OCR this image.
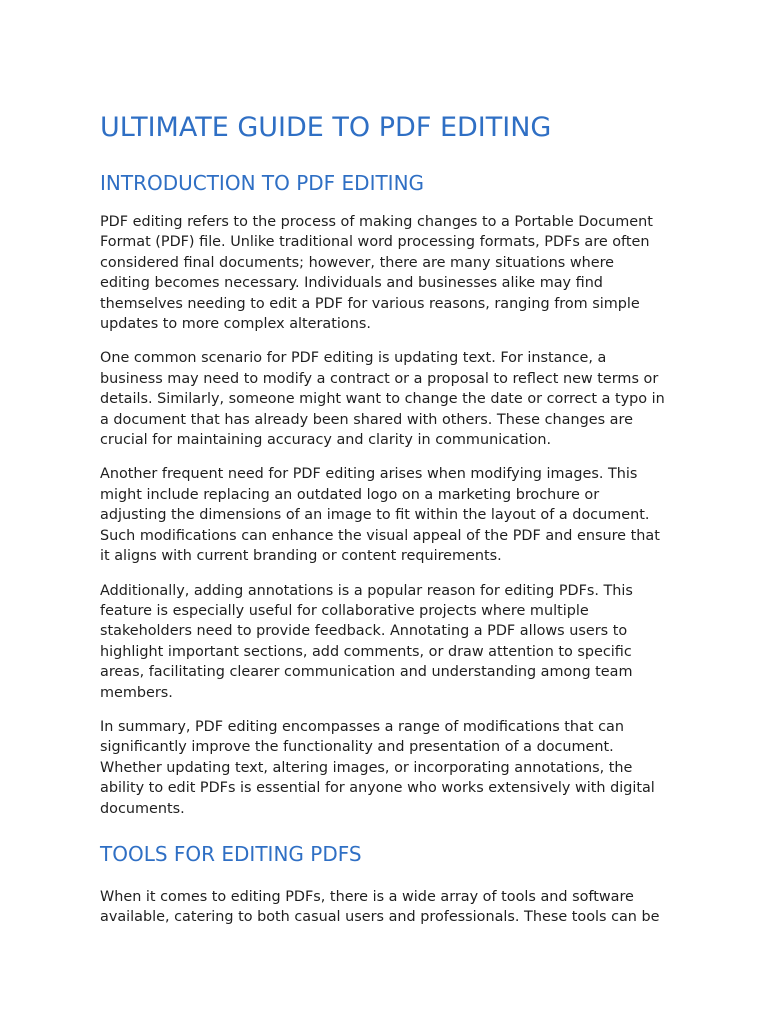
ULTIMATE GUIDE TO PDF EDITING
INTRODUCTION TO PDF EDITING

PDF editing refers to the process of making changes to a Portable Document Format (PDF) file. Unlike traditional word processing formats, PDFs are often considered final documents; however, there are many situations where editing becomes necessary. Individuals and businesses alike may find themselves needing to edit a PDF for various reasons, ranging from simple updates to more complex alterations.

One common scenario for PDF editing is updating text. For instance, a business may need to modify a contract or a proposal to reflect new terms or details. Similarly, someone might want to change the date or correct a typo in a document that has already been shared with others. These changes are crucial for maintaining accuracy and clarity in communication.

Another frequent need for PDF editing arises when modifying images. This might include replacing an outdated logo on a marketing brochure or adjusting the dimensions of an image to fit within the layout of a document. Such modifications can enhance the visual appeal of the PDF and ensure that it aligns with current branding or content requirements.

Additionally, adding annotations is a popular reason for editing PDFs. This feature is especially useful for collaborative projects where multiple stakeholders need to provide feedback. Annotating a PDF allows users to highlight important sections, add comments, or draw attention to specific areas, facilitating clearer communication and understanding among team members.

In summary, PDF editing encompasses a range of modifications that can significantly improve the functionality and presentation of a document. Whether updating text, altering images, or incorporating annotations, the ability to edit PDFs is essential for anyone who works extensively with digital documents.

TOOLS FOR EDITING PDFS

When it comes to editing PDFs, there is a wide array of tools and software available, catering to both casual users and professionals. These tools can be
